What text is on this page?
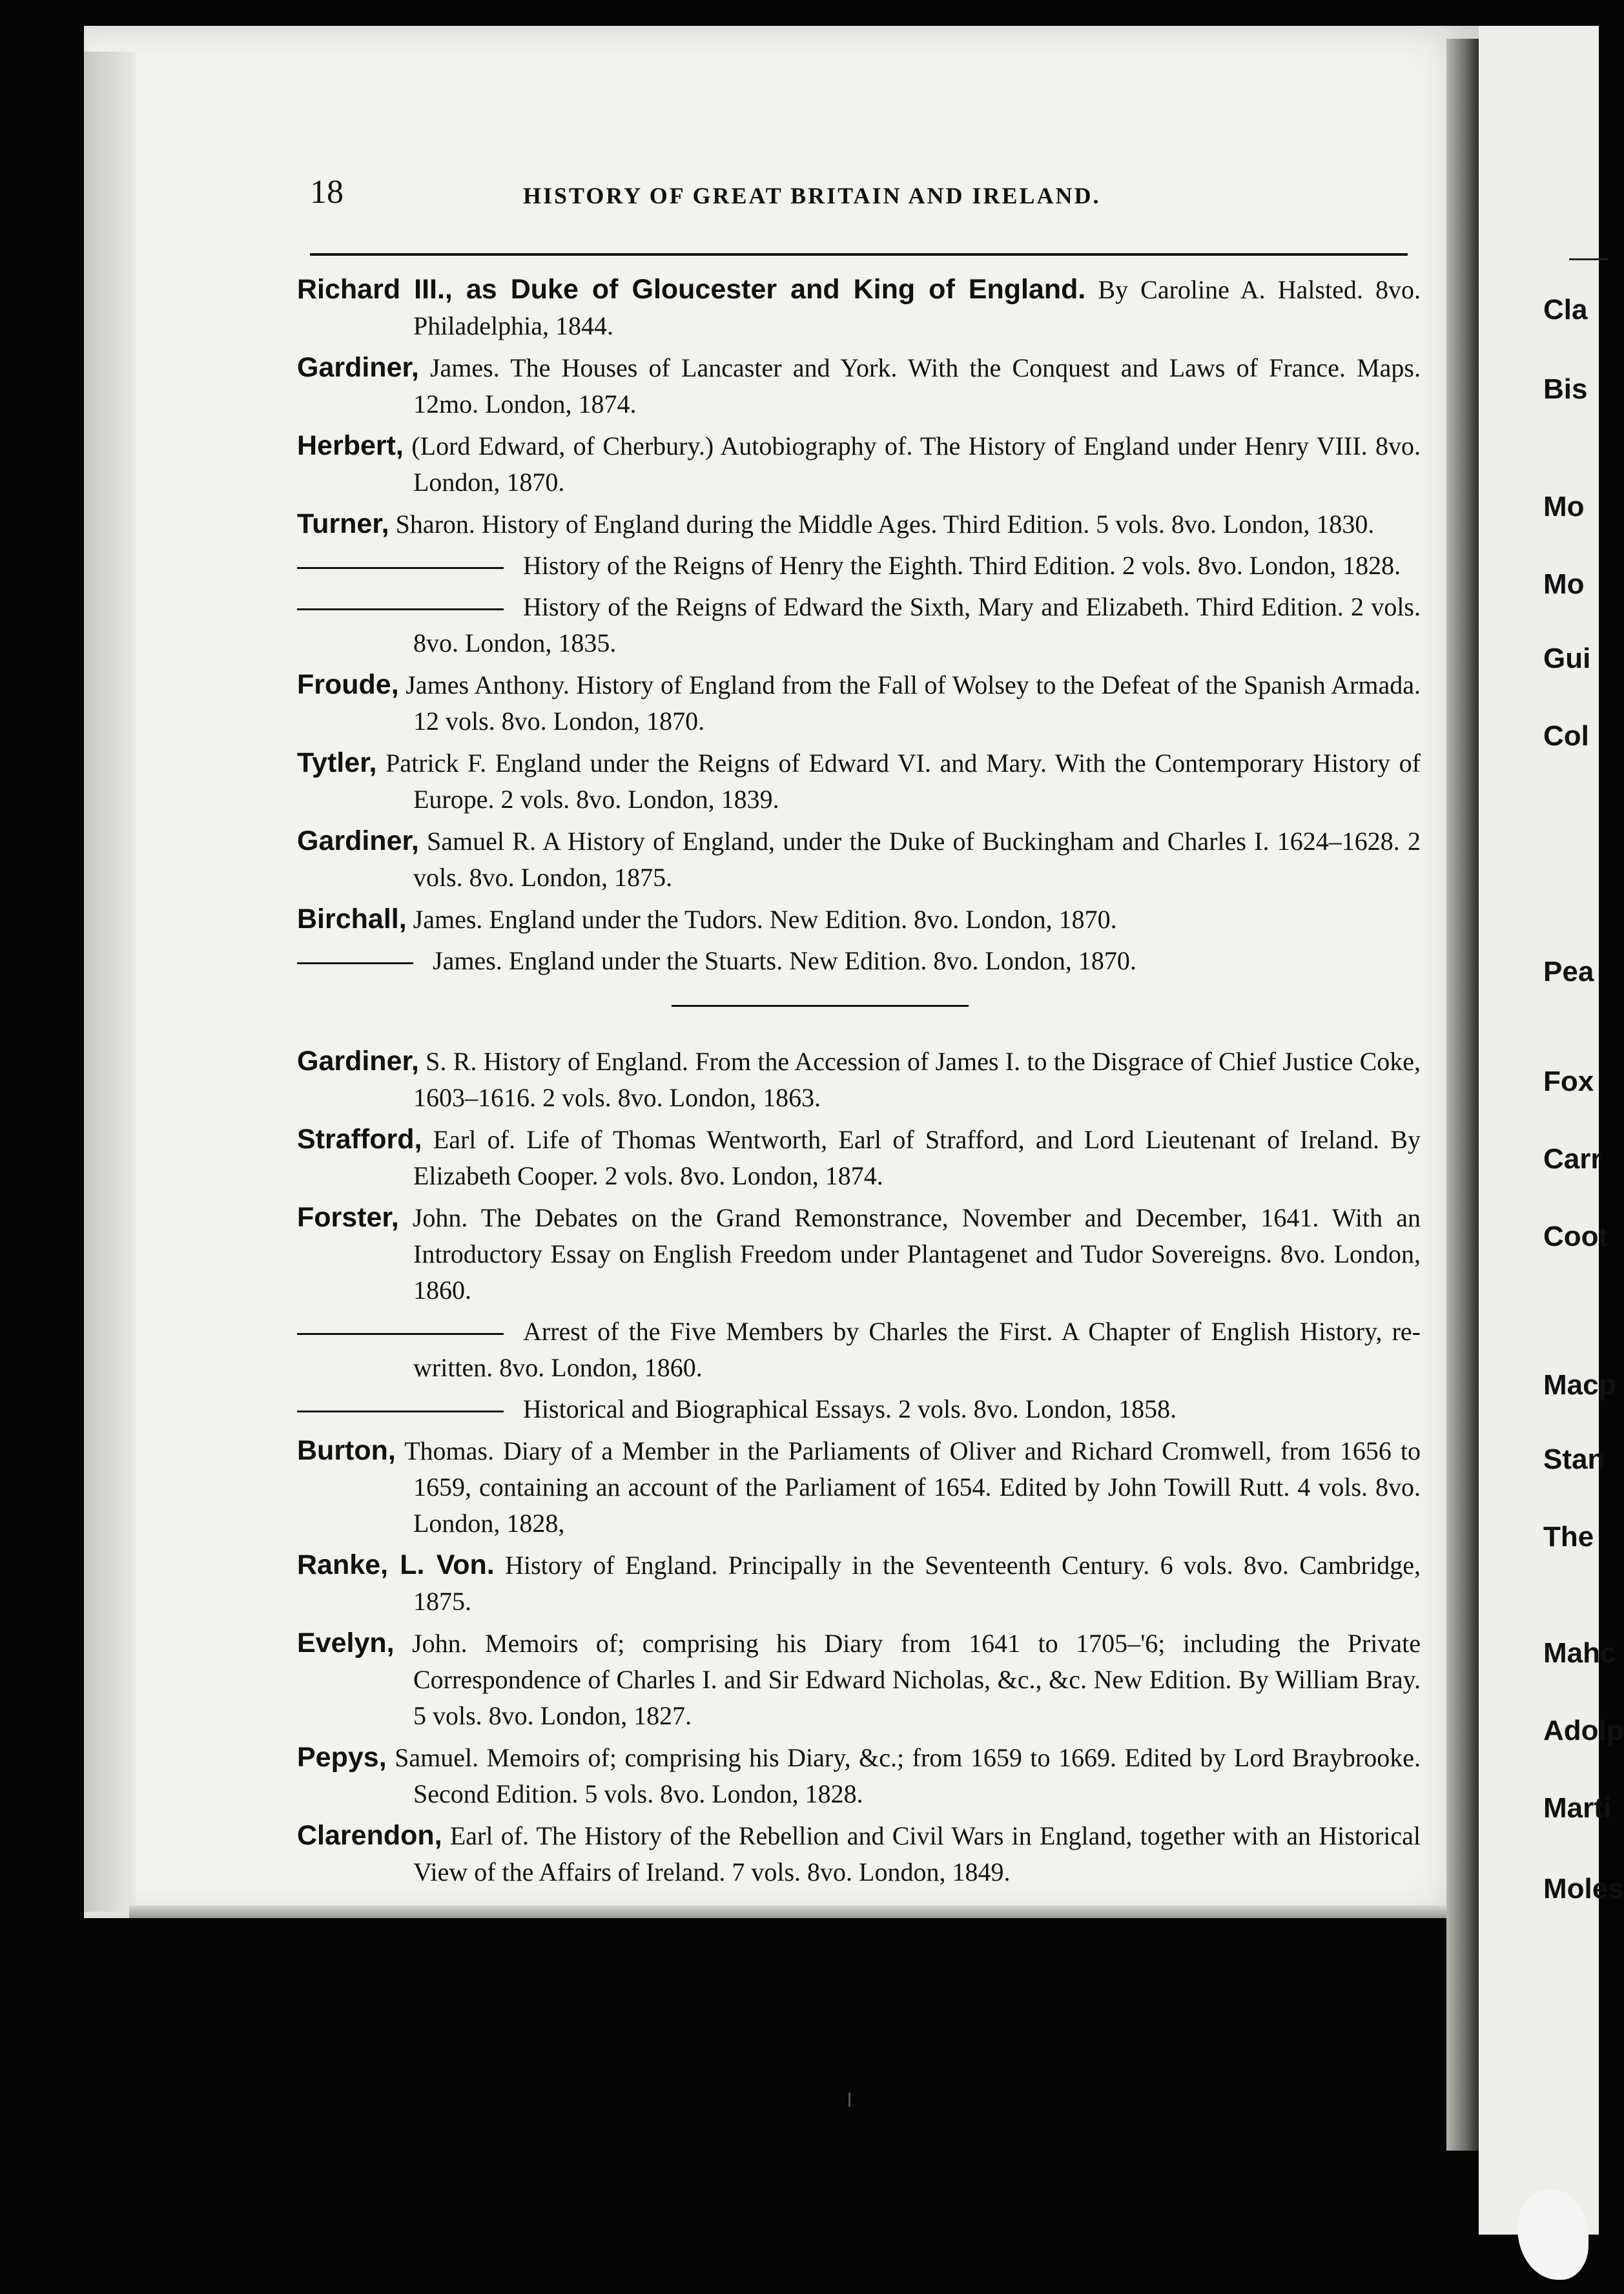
Cla
Bis
Mo
Mo
Gui
Col
Pea
Fox
Carr
Coot
Macp
Stan
The
Mahc
Adolp
Marti
Moles
18	HISTORY OF GREAT BRITAIN AND IRELAND.

Richard III., as Duke of Gloucester and King of England. By Caroline A. Halsted. 8vo. Philadelphia, 1844.

Gardiner, James. The Houses of Lancaster and York. With the Conquest and Laws of France. Maps. 12mo. London, 1874.

Herbert, (Lord Edward, of Cherbury.) Autobiography of. The History of England under Henry VIII. 8vo. London, 1870.

Turner, Sharon. History of England during the Middle Ages. Third Edition. 5 vols. 8vo. London, 1830.

History of the Reigns of Henry the Eighth. Third Edition. 2 vols. 8vo. London, 1828.

History of the Reigns of Edward the Sixth, Mary and Elizabeth. Third Edition. 2 vols. 8vo. London, 1835.

Froude, James Anthony. History of England from the Fall of Wolsey to the Defeat of the Spanish Armada. 12 vols. 8vo. London, 1870.

Tytler, Patrick F. England under the Reigns of Edward VI. and Mary. With the Contemporary History of Europe. 2 vols. 8vo. London, 1839.

Gardiner, Samuel R. A History of England, under the Duke of Buckingham and Charles I. 1624–1628. 2 vols. 8vo. London, 1875.

Birchall, James. England under the Tudors. New Edition. 8vo. London, 1870.

James. England under the Stuarts. New Edition. 8vo. London, 1870.

Gardiner, S. R. History of England. From the Accession of James I. to the Disgrace of Chief Justice Coke, 1603–1616. 2 vols. 8vo. London, 1863.

Strafford, Earl of. Life of Thomas Wentworth, Earl of Strafford, and Lord Lieutenant of Ireland. By Elizabeth Cooper. 2 vols. 8vo. London, 1874.

Forster, John. The Debates on the Grand Remonstrance, November and December, 1641. With an Introductory Essay on English Freedom under Plantagenet and Tudor Sovereigns. 8vo. London, 1860.

Arrest of the Five Members by Charles the First. A Chapter of English History, re-written. 8vo. London, 1860.

Historical and Biographical Essays. 2 vols. 8vo. London, 1858.

Burton, Thomas. Diary of a Member in the Parliaments of Oliver and Richard Cromwell, from 1656 to 1659, containing an account of the Parliament of 1654. Edited by John Towill Rutt. 4 vols. 8vo. London, 1828,

Ranke, L. Von. History of England. Principally in the Seventeenth Century. 6 vols. 8vo. Cambridge, 1875.

Evelyn, John. Memoirs of; comprising his Diary from 1641 to 1705–'6; including the Private Correspondence of Charles I. and Sir Edward Nicholas, &c., &c. New Edition. By William Bray. 5 vols. 8vo. London, 1827.

Pepys, Samuel. Memoirs of; comprising his Diary, &c.; from 1659 to 1669. Edited by Lord Braybrooke. Second Edition. 5 vols. 8vo. London, 1828.

Clarendon, Earl of. The History of the Rebellion and Civil Wars in England, together with an Historical View of the Affairs of Ireland. 7 vols. 8vo. London, 1849.
